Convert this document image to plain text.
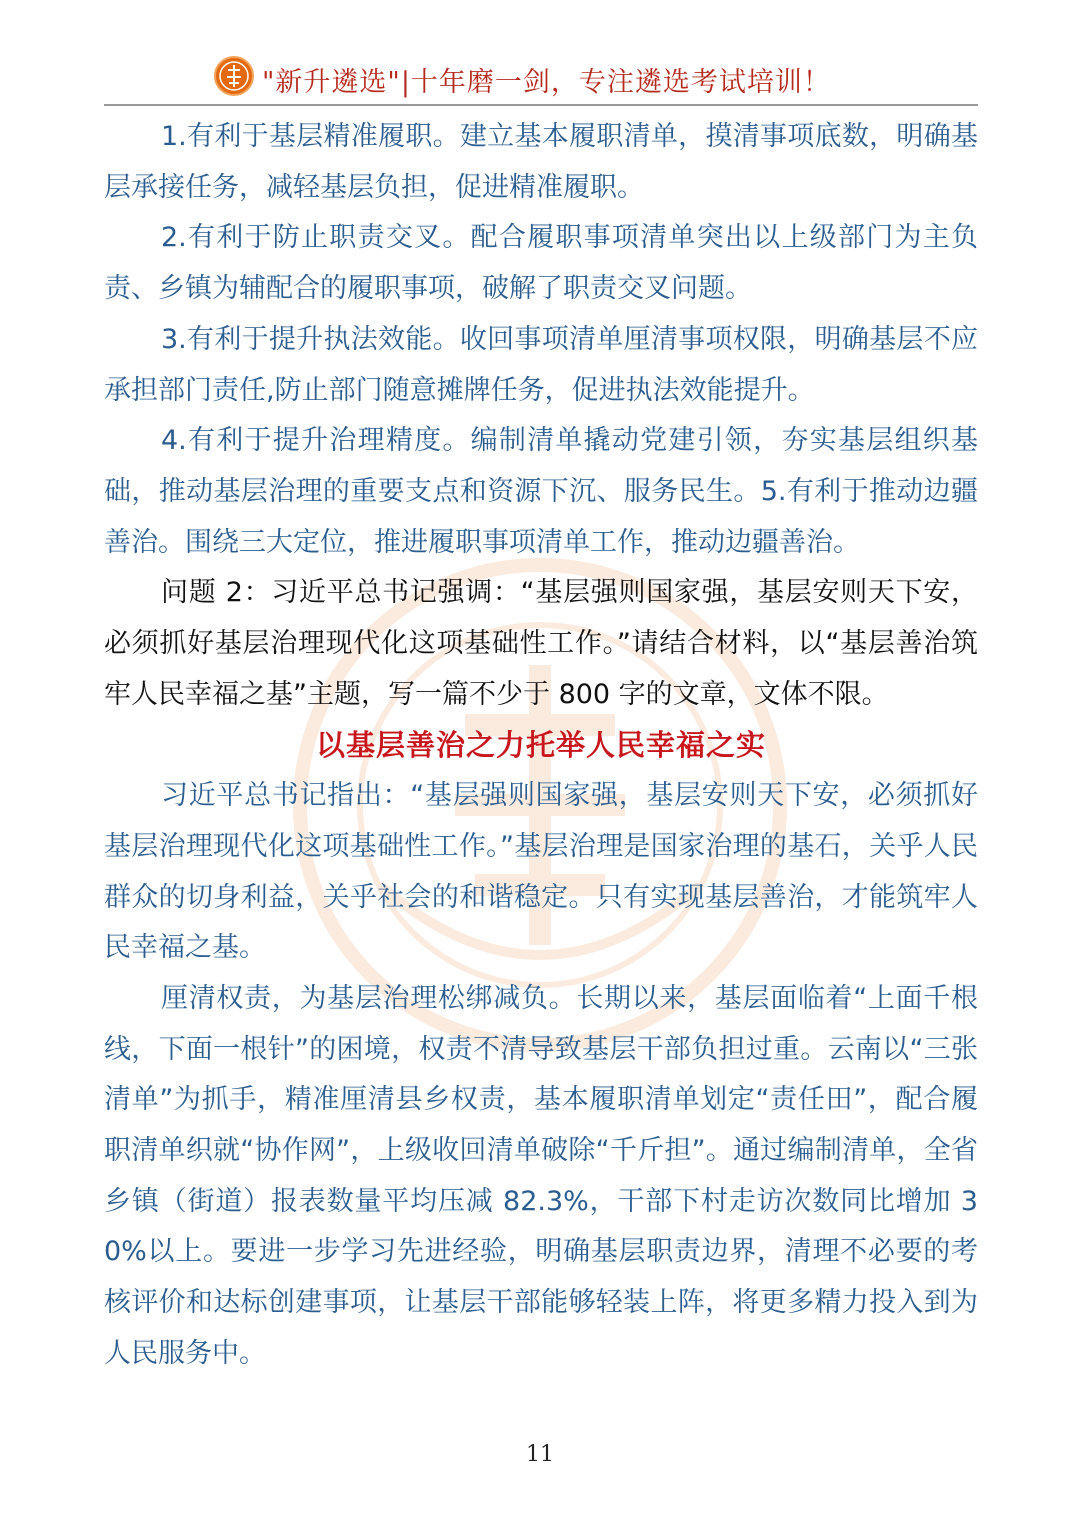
"新升遴选"|十年磨一剑，专注遴选考试培训！

1.有利于基层精准履职。建立基本履职清单，摸清事项底数，明确基层承接任务，减轻基层负担，促进精准履职。

2.有利于防止职责交叉。配合履职事项清单突出以上级部门为主负责、乡镇为辅配合的履职事项，破解了职责交叉问题。

3.有利于提升执法效能。收回事项清单厘清事项权限，明确基层不应承担部门责任,防止部门随意摊牌任务，促进执法效能提升。

4.有利于提升治理精度。编制清单撬动党建引领，夯实基层组织基础，推动基层治理的重要支点和资源下沉、服务民生。5.有利于推动边疆善治。围绕三大定位，推进履职事项清单工作，推动边疆善治。

问题 2：习近平总书记强调：“基层强则国家强，基层安则天下安，必须抓好基层治理现代化这项基础性工作。”请结合材料，以“基层善治筑牢人民幸福之基”主题，写一篇不少于 800 字的文章，文体不限。

以基层善治之力托举人民幸福之实

习近平总书记指出：“基层强则国家强，基层安则天下安，必须抓好基层治理现代化这项基础性工作。”基层治理是国家治理的基石，关乎人民群众的切身利益，关乎社会的和谐稳定。只有实现基层善治，才能筑牢人民幸福之基。

厘清权责，为基层治理松绑减负。长期以来，基层面临着“上面千根线，下面一根针”的困境，权责不清导致基层干部负担过重。云南以“三张清单”为抓手，精准厘清县乡权责，基本履职清单划定“责任田”，配合履职清单织就“协作网”，上级收回清单破除“千斤担”。通过编制清单，全省乡镇（街道）报表数量平均压减 82.3%，干部下村走访次数同比增加 30%以上。要进一步学习先进经验，明确基层职责边界，清理不必要的考核评价和达标创建事项，让基层干部能够轻装上阵，将更多精力投入到为人民服务中。

11
